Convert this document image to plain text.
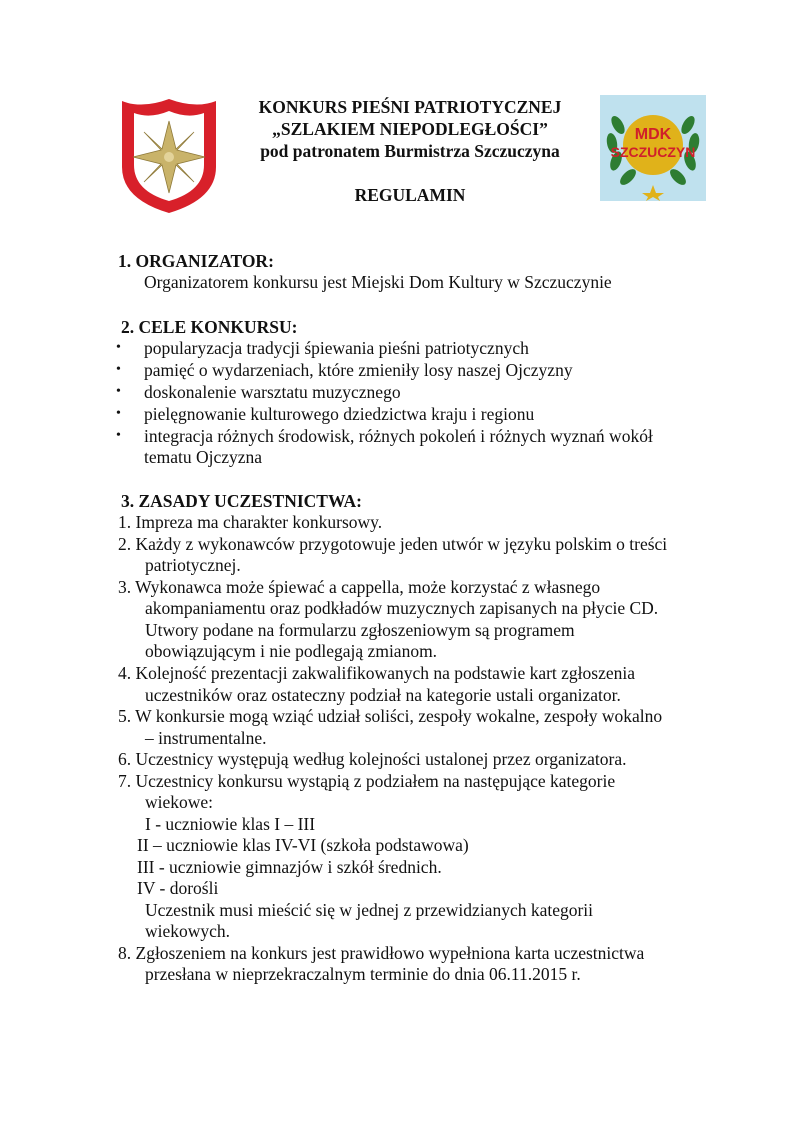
KONKURS PIEŚNI PATRIOTYCZNEJ
„SZLAKIEM NIEPODLEGŁOŚCI”
pod patronatem Burmistrza Szczuczyna
REGULAMIN
MDK
SZCZUCZYN
1. ORGANIZATOR:
Organizatorem konkursu jest Miejski Dom Kultury w Szczuczynie
2. CELE KONKURSU:
•	popularyzacja tradycji śpiewania pieśni patriotycznych
•	pamięć o wydarzeniach, które zmieniły losy naszej Ojczyzny
•	doskonalenie warsztatu muzycznego
•	pielęgnowanie kulturowego dziedzictwa kraju i regionu
•	integracja różnych środowisk, różnych pokoleń i różnych wyznań wokół
tematu Ojczyzna
3. ZASADY UCZESTNICTWA:
1. Impreza ma charakter konkursowy.
2. Każdy z wykonawców przygotowuje jeden utwór w języku polskim o treści
patriotycznej.
3. Wykonawca może śpiewać a cappella, może korzystać z własnego
akompaniamentu oraz podkładów muzycznych zapisanych na płycie CD.
Utwory podane na formularzu zgłoszeniowym są programem
obowiązującym i nie podlegają zmianom.
4. Kolejność prezentacji zakwalifikowanych na podstawie kart zgłoszenia
uczestników oraz ostateczny podział na kategorie ustali organizator.
5. W konkursie mogą wziąć udział soliści, zespoły wokalne, zespoły wokalno
– instrumentalne.
6. Uczestnicy występują według kolejności ustalonej przez organizatora.
7. Uczestnicy konkursu wystąpią z podziałem na następujące kategorie
wiekowe:
I - uczniowie klas I – III
II – uczniowie klas IV-VI (szkoła podstawowa)
III - uczniowie gimnazjów i szkół średnich.
IV - dorośli
Uczestnik musi mieścić się w jednej z przewidzianych kategorii
wiekowych.
8. Zgłoszeniem na konkurs jest prawidłowo wypełniona karta uczestnictwa
przesłana w nieprzekraczalnym terminie do dnia 06.11.2015 r.
